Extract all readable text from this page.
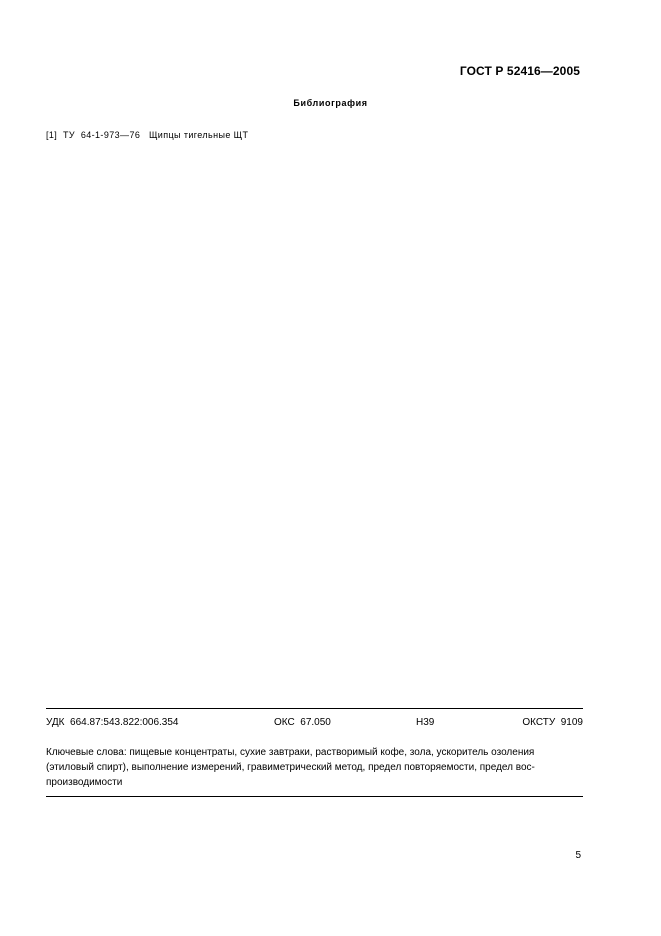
ГОСТ Р 52416—2005
Библиография
[1]  ТУ  64-1-973—76   Щипцы тигельные ЩТ
УДК  664.87:543.822:006.354	ОКС  67.050	Н39	ОКСТУ  9109
Ключевые слова: пищевые концентраты, сухие завтраки, растворимый кофе, зола, ускоритель озоления
(этиловый спирт), выполнение измерений, гравиметрический метод, предел повторяемости, предел вос-
производимости
5
